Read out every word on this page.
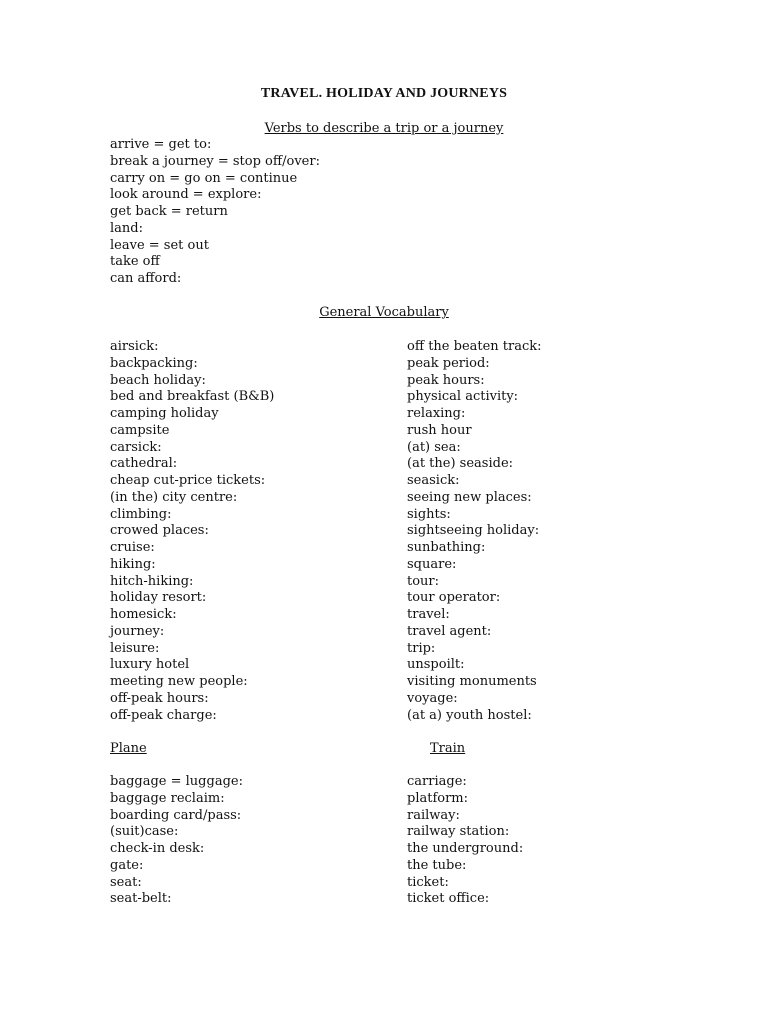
TRAVEL. HOLIDAY AND JOURNEYS
Verbs to describe a trip or a journey
arrive = get to:
break a journey = stop off/over:
carry on = go on = continue
look around = explore:
get back = return
land:
leave = set out
take off
can afford:
General Vocabulary
airsick:
backpacking:
beach holiday:
bed and breakfast (B&B)
camping holiday
campsite
carsick:
cathedral:
cheap cut-price tickets:
(in the) city centre:
climbing:
crowed places:
cruise:
hiking:
hitch-hiking:
holiday resort:
homesick:
journey:
leisure:
luxury hotel
meeting new people:
off-peak hours:
off-peak charge:
off the beaten track:
peak period:
peak hours:
physical activity:
relaxing:
rush hour
(at) sea:
(at the) seaside:
seasick:
seeing new places:
sights:
sightseeing holiday:
sunbathing:
square:
tour:
tour operator:
travel:
travel agent:
trip:
unspoilt:
visiting monuments
voyage:
(at a) youth hostel:
Plane	Train
baggage = luggage:
baggage reclaim:
boarding card/pass:
(suit)case:
check-in desk:
gate:
seat:
seat-belt:
carriage:
platform:
railway:
railway station:
the underground:
the tube:
ticket:
ticket office:
